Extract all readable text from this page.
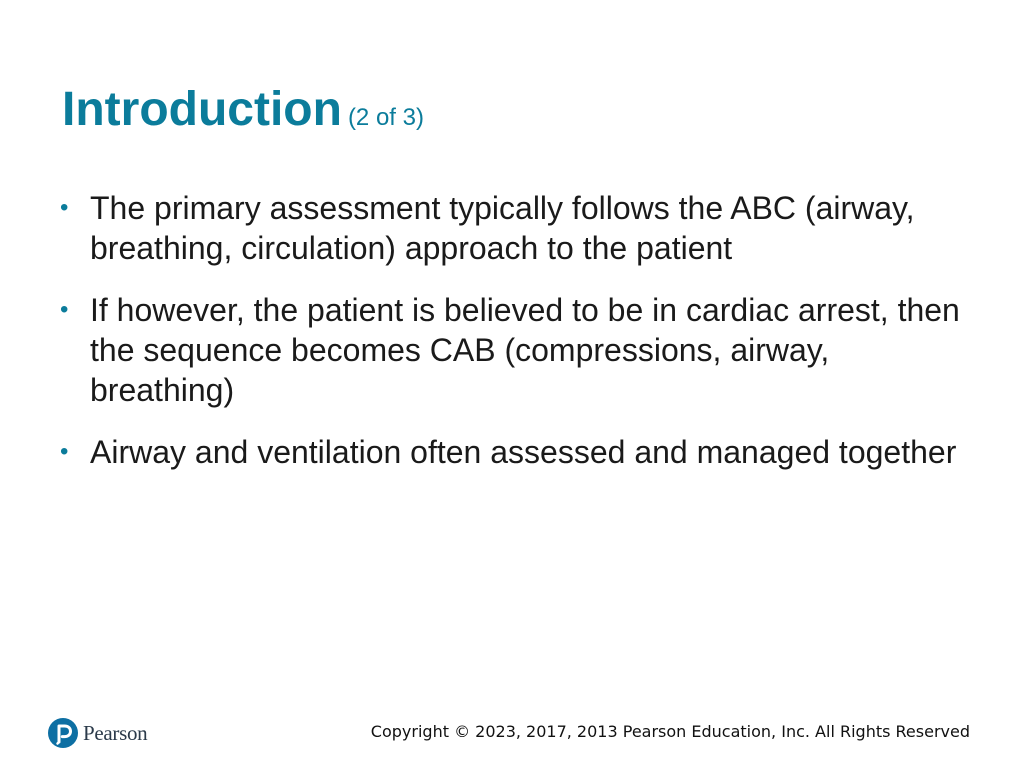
Introduction (2 of 3)
• The primary assessment typically follows the ABC (airway, breathing, circulation) approach to the patient
• If however, the patient is believed to be in cardiac arrest, then the sequence becomes CAB (compressions, airway, breathing)
• Airway and ventilation often assessed and managed together
Pearson	Copyright © 2023, 2017, 2013 Pearson Education, Inc. All Rights Reserved
